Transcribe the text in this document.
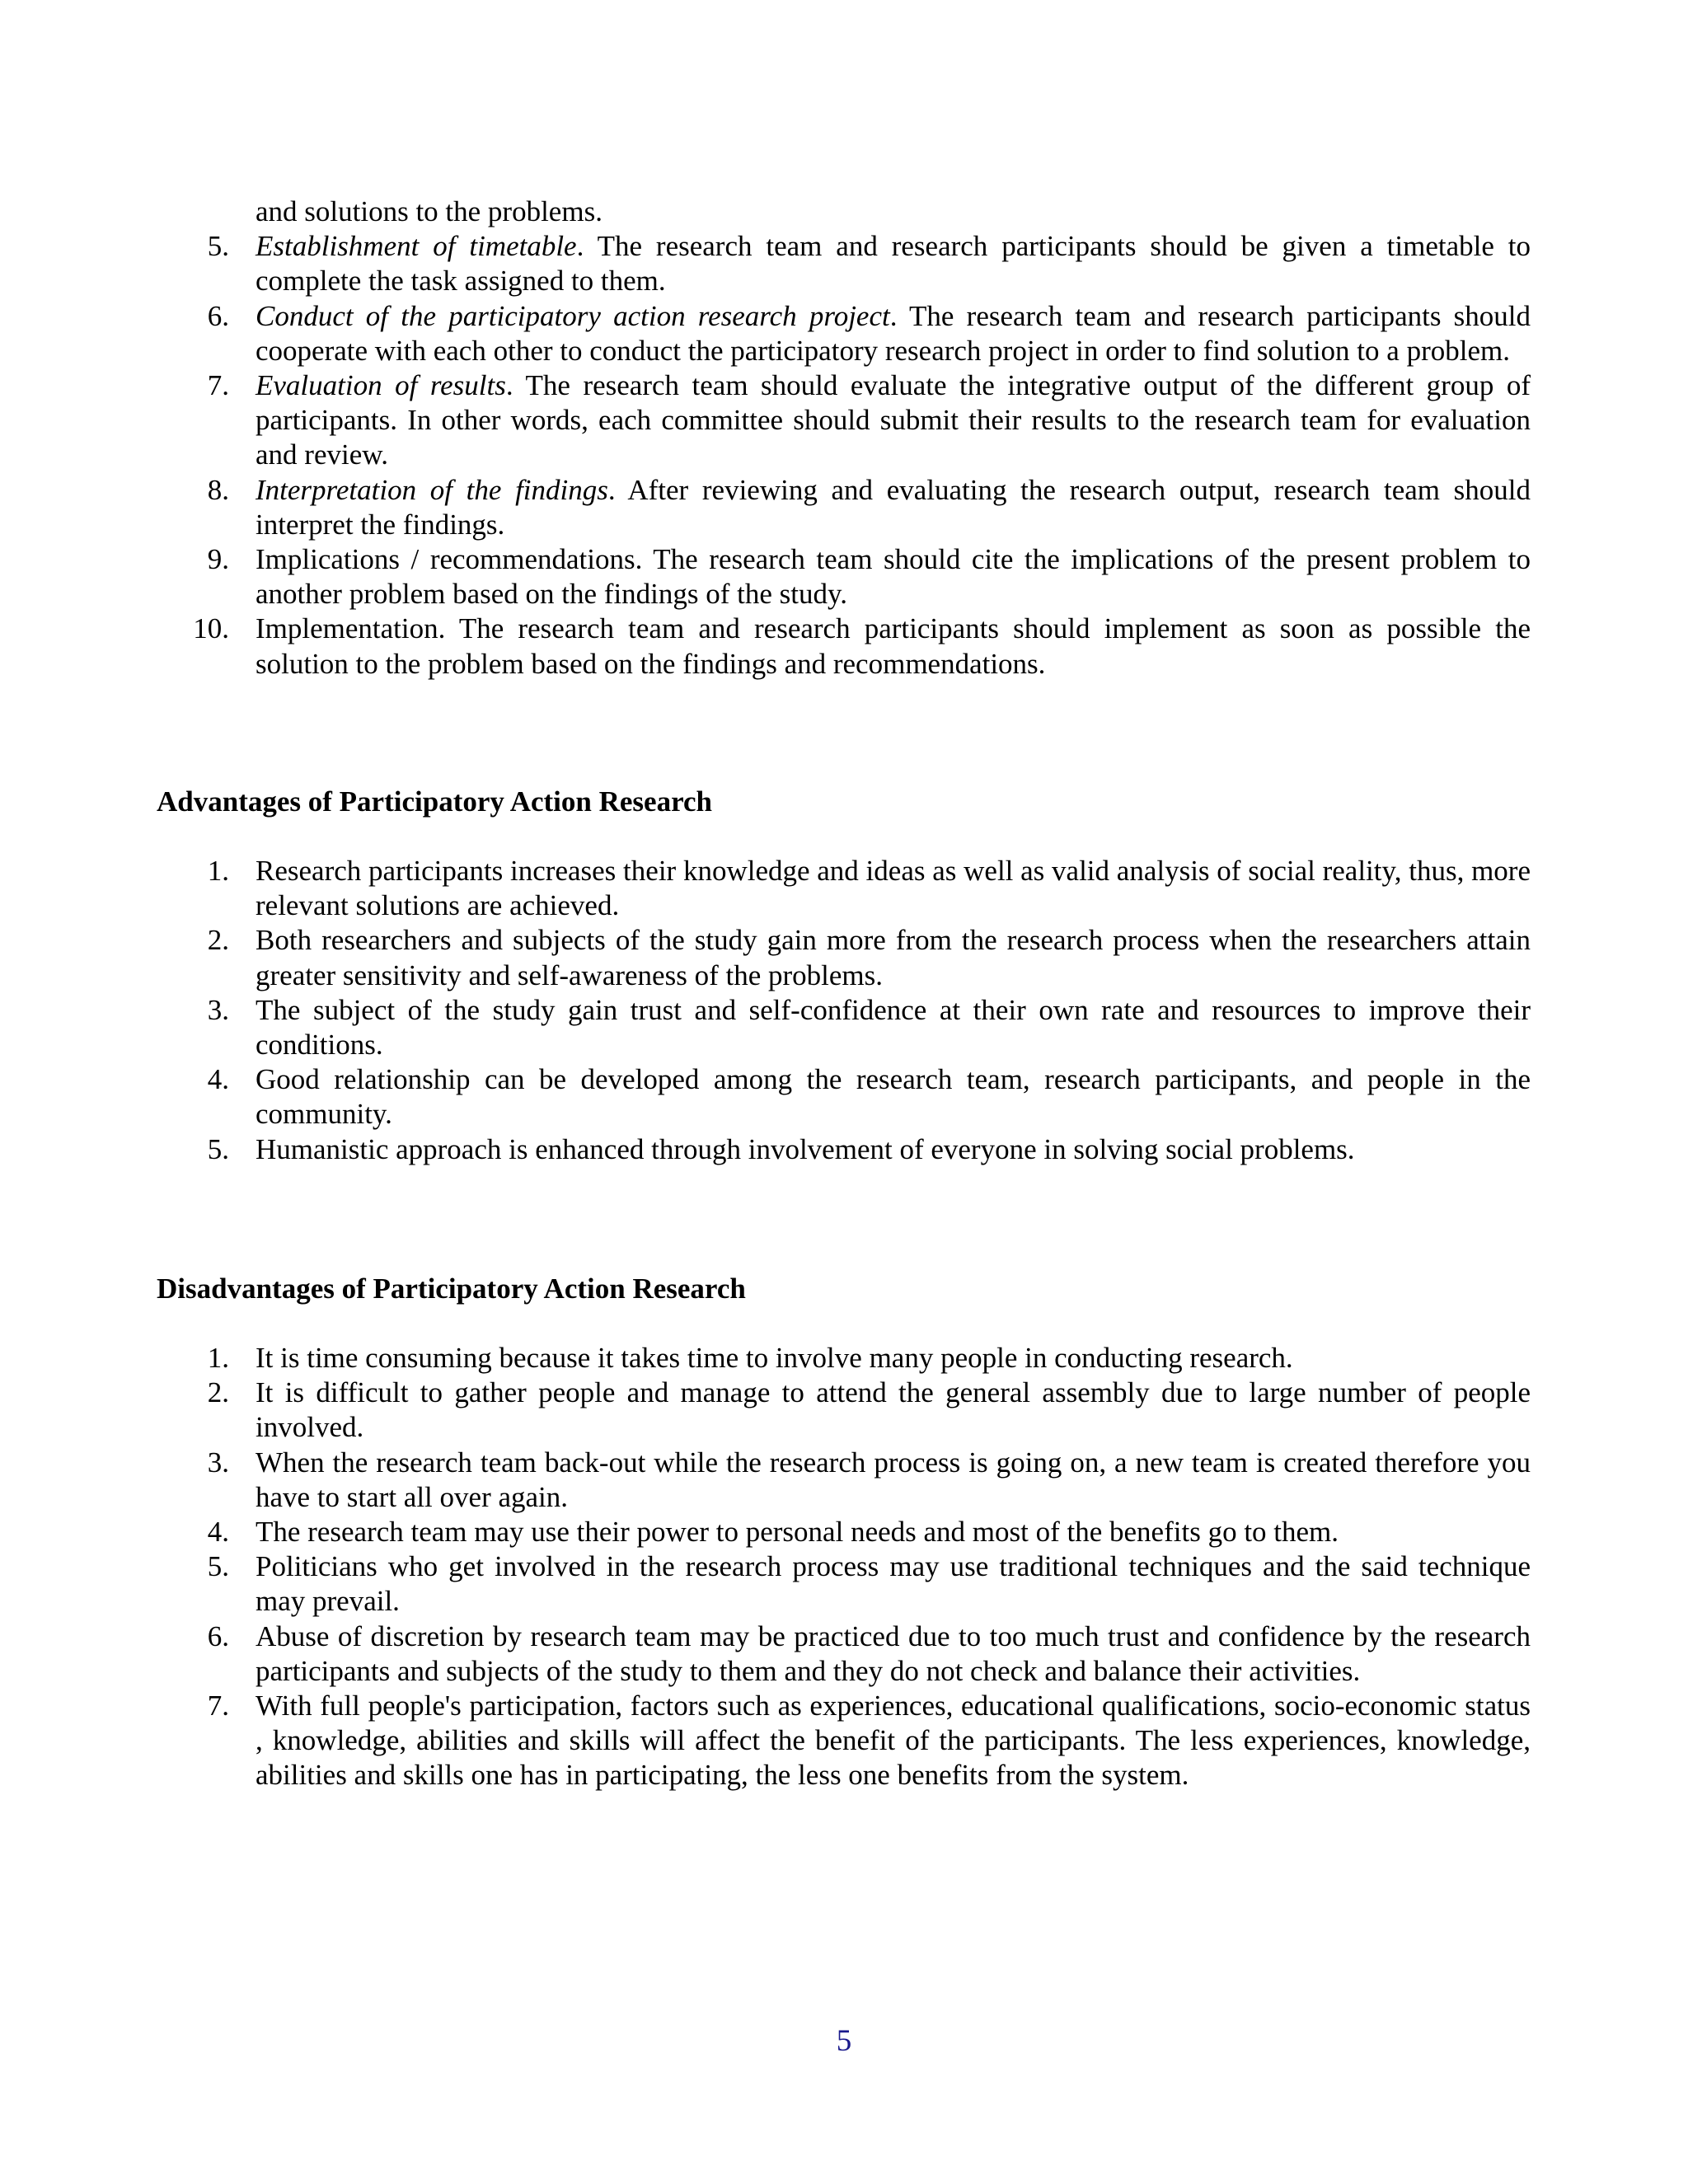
and solutions to the problems.
5. Establishment of timetable. The research team and research participants should be given a timetable to complete the task assigned to them.
6. Conduct of the participatory action research project. The research team and research participants should cooperate with each other to conduct the participatory research project in order to find solution to a problem.
7. Evaluation of results. The research team should evaluate the integrative output of the different group of participants. In other words, each committee should submit their results to the research team for evaluation and review.
8. Interpretation of the findings. After reviewing and evaluating the research output, research team should interpret the findings.
9. Implications / recommendations. The research team should cite the implications of the present problem to another problem based on the findings of the study.
10. Implementation. The research team and research participants should implement as soon as possible the solution to the problem based on the findings and recommendations.
Advantages of Participatory Action Research
1. Research participants increases their knowledge and ideas as well as valid analysis of social reality, thus, more relevant solutions are achieved.
2. Both researchers and subjects of the study gain more from the research process when the researchers attain greater sensitivity and self-awareness of the problems.
3. The subject of the study gain trust and self-confidence at their own rate and resources to improve their conditions.
4. Good relationship can be developed among the research team, research participants, and people in the community.
5. Humanistic approach is enhanced through involvement of everyone in solving social problems.
Disadvantages of Participatory Action Research
1. It is time consuming because it takes time to involve many people in conducting research.
2. It is difficult to gather people and manage to attend the general assembly due to large number of people involved.
3. When the research team back-out while the research process is going on, a new team is created therefore you have to start all over again.
4. The research team may use their power to personal needs and most of the benefits go to them.
5. Politicians who get involved in the research process may use traditional techniques and the said technique may prevail.
6. Abuse of discretion by research team may be practiced due to too much trust and confidence by the research participants and subjects of the study to them and they do not check and balance their activities.
7. With full people's participation, factors such as experiences, educational qualifications, socio-economic status , knowledge, abilities and skills will affect the benefit of the participants. The less experiences, knowledge, abilities and skills one has in participating, the less one benefits from the system.
5
